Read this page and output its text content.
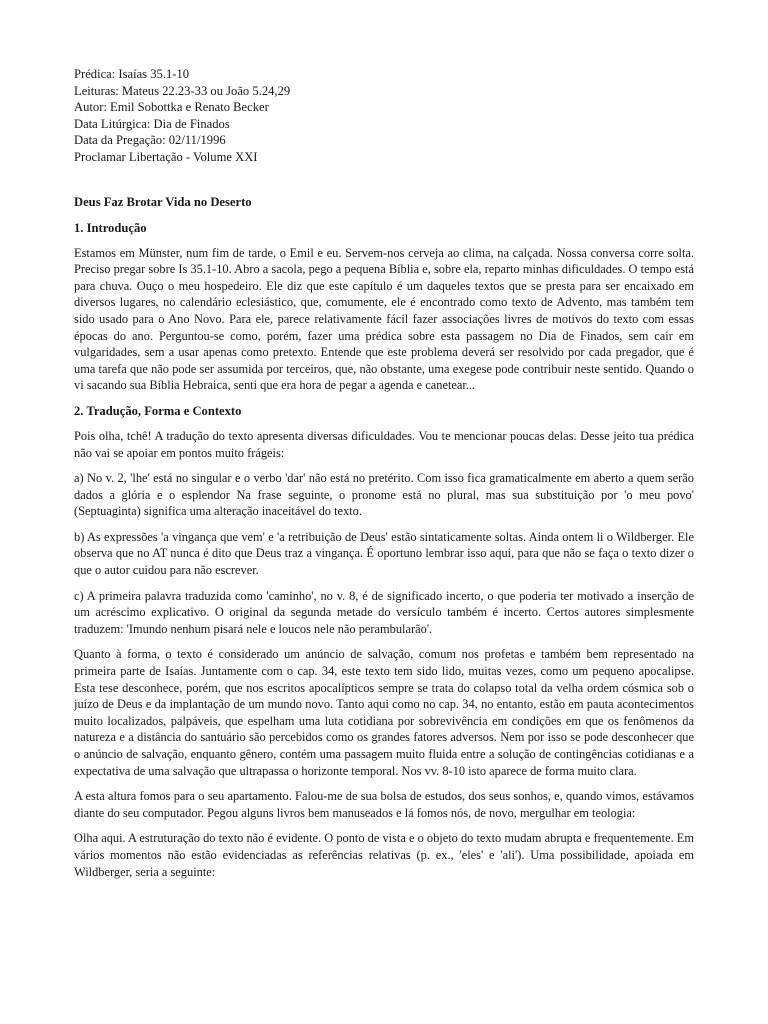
Prédica: Isaías 35.1-10

Leituras: Mateus 22.23-33 ou João 5.24,29

Autor: Emil Sobottka e Renato Becker

Data Litúrgica: Dia de Finados

Data da Pregação: 02/11/1996

Proclamar Libertação - Volume XXI

Deus Faz Brotar Vida no Deserto
1. Introdução

Estamos em Münster, num fim de tarde, o Emil e eu. Servem-nos cerveja ao clima, na calçada. Nossa conversa corre solta. Preciso pregar sobre Is 35.1-10. Abro a sacola, pego a pequena Bíblia e, sobre ela, reparto minhas dificuldades. O tempo está para chuva. Ouço o meu hospedeiro. Ele diz que este capítulo é um daqueles textos que se presta para ser encaixado em diversos lugares, no calendário eclesiástico, que, comumente, ele é encontrado como texto de Advento, mas também tem sido usado para o Ano Novo. Para ele, parece relativamente fácil fazer associações livres de motivos do texto com essas épocas do ano. Perguntou-se como, porém, fazer uma prédica sobre esta passagem no Dia de Finados, sem cair em vulgaridades, sem a usar apenas como pretexto. Entende que este problema deverá ser resolvido por cada pregador, que é uma tarefa que não pode ser assumida por terceiros, que, não obstante, uma exegese pode contribuir neste sentido. Quando o vi sacando sua Bíblia Hebraica, senti que era hora de pegar a agenda e canetear...

2. Tradução, Forma e Contexto

Pois olha, tchê! A tradução do texto apresenta diversas dificuldades. Vou te mencionar poucas delas. Desse jeito tua prédica não vai se apoiar em pontos muito frágeis:

a) No v. 2, 'lhe' está no singular e o verbo 'dar' não está no pretérito. Com isso fica gramaticalmente em aberto a quem serão dados a glória e o esplendor Na frase seguinte, o pronome está no plural, mas sua substituição por 'o meu povo' (Septuaginta) significa uma alteração inaceitável do texto.

b) As expressões 'a vingança que vem' e 'a retribuição de Deus' estão sintaticamente soltas. Ainda ontem li o Wildberger. Ele observa que no AT nunca é dito que Deus traz a vingança. É oportuno lembrar isso aqui, para que não se faça o texto dizer o que o autor cuidou para não escrever.

c) A primeira palavra traduzida como 'caminho', no v. 8, é de significado incerto, o que poderia ter motivado a inserção de um acréscimo explicativo. O original da segunda metade do versículo também é incerto. Certos autores simplesmente traduzem: 'Imundo nenhum pisará nele e loucos nele não perambularão'.

Quanto à forma, o texto é considerado um anúncio de salvação, comum nos profetas e também bem representado na primeira parte de Isaías. Juntamente com o cap. 34, este texto tem sido lido, muitas vezes, como um pequeno apocalipse. Esta tese desconhece, porém, que nos escritos apocalípticos sempre se trata do colapso total da velha ordem cósmica sob o juízo de Deus e da implantação de um mundo novo. Tanto aqui como no cap. 34, no entanto, estão em pauta acontecimentos muito localizados, palpáveis, que espelham uma luta cotidiana por sobrevivência em condições em que os fenômenos da natureza e a distância do santuário são percebidos como os grandes fatores adversos. Nem por isso se pode desconhecer que o anúncio de salvação, enquanto gênero, contém uma passagem muito fluida entre a solução de contingências cotidianas e a expectativa de uma salvação que ultrapassa o horizonte temporal. Nos vv. 8-10 isto aparece de forma muito clara.

A esta altura fomos para o seu apartamento. Falou-me de sua bolsa de estudos, dos seus sonhos, e, quando vimos, estávamos diante do seu computador. Pegou alguns livros bem manuseados e lá fomos nós, de novo, mergulhar em teologia:

Olha aqui. A estruturação do texto não é evidente. O ponto de vista e o objeto do texto mudam abrupta e frequentemente. Em vários momentos não estão evidenciadas as referências relativas (p. ex., 'eles' e 'ali'). Uma possibilidade, apoiada em Wildberger, seria a seguinte:
